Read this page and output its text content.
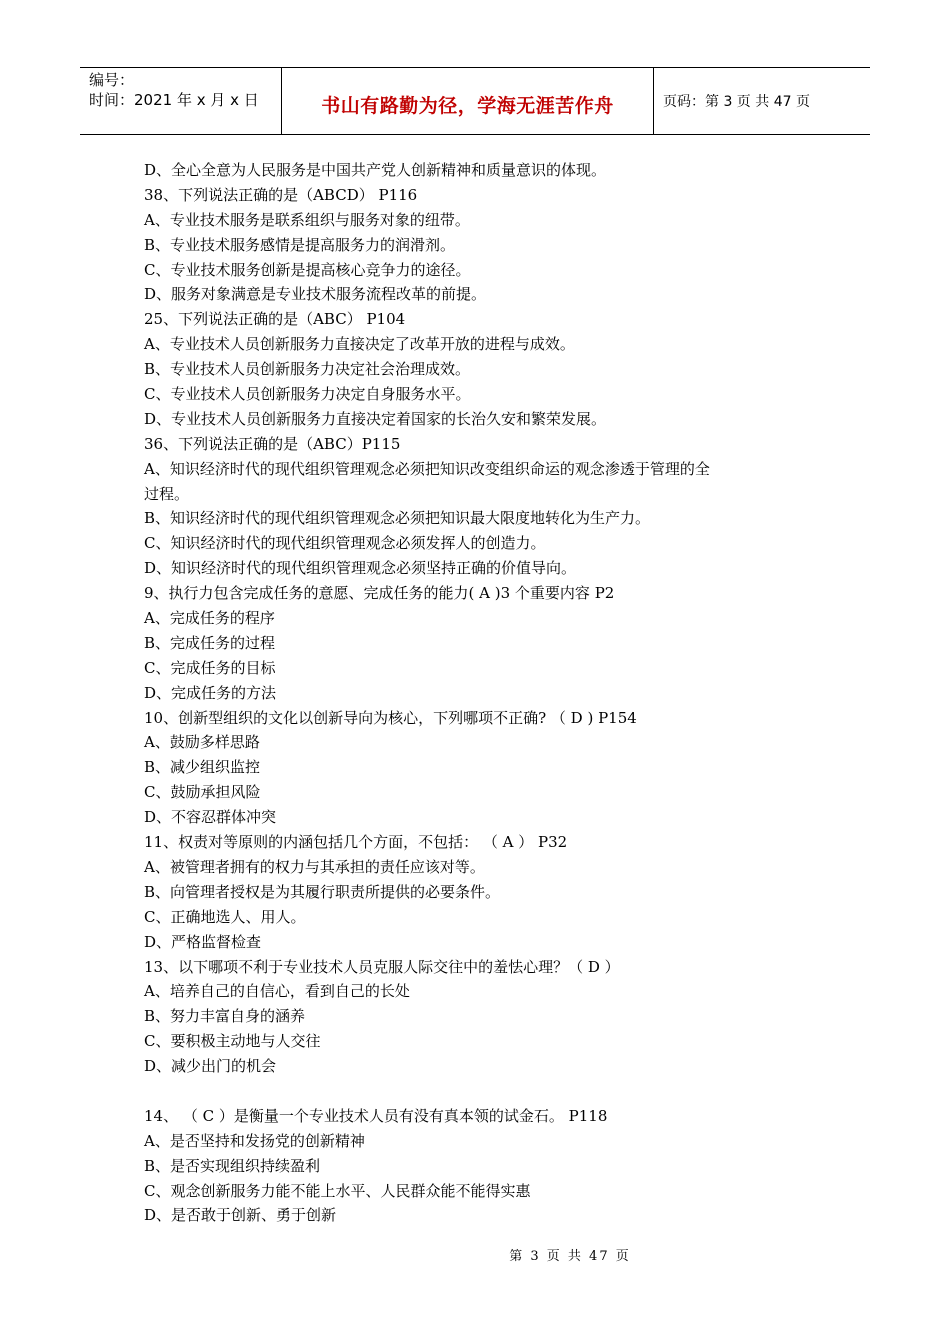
编号：
时间：2021 年 x 月 x 日	书山有路勤为径，学海无涯苦作舟	页码：第 3 页 共 47 页
D、全心全意为人民服务是中国共产党人创新精神和质量意识的体现。
38、下列说法正确的是（ABCD） P116
A、专业技术服务是联系组织与服务对象的纽带。
B、专业技术服务感情是提高服务力的润滑剂。
C、专业技术服务创新是提高核心竞争力的途径。
D、服务对象满意是专业技术服务流程改革的前提。
25、下列说法正确的是（ABC） P104
A、专业技术人员创新服务力直接决定了改革开放的进程与成效。
B、专业技术人员创新服务力决定社会治理成效。
C、专业技术人员创新服务力决定自身服务水平。
D、专业技术人员创新服务力直接决定着国家的长治久安和繁荣发展。
36、下列说法正确的是（ABC）P115
A、知识经济时代的现代组织管理观念必须把知识改变组织命运的观念渗透于管理的全
过程。
B、知识经济时代的现代组织管理观念必须把知识最大限度地转化为生产力。
C、知识经济时代的现代组织管理观念必须发挥人的创造力。
D、知识经济时代的现代组织管理观念必须坚持正确的价值导向。
9、执行力包含完成任务的意愿、完成任务的能力( A )3 个重要内容 P2
A、完成任务的程序
B、完成任务的过程
C、完成任务的目标
D、完成任务的方法
10、创新型组织的文化以创新导向为核心，下列哪项不正确? （ D ) P154
A、鼓励多样思路
B、减少组织监控
C、鼓励承担风险
D、不容忍群体冲突
11、权责对等原则的内涵包括几个方面，不包括： （ A ） P32
A、被管理者拥有的权力与其承担的责任应该对等。
B、向管理者授权是为其履行职责所提供的必要条件。
C、正确地选人、用人。
D、严格监督检查
13、以下哪项不利于专业技术人员克服人际交往中的羞怯心理？（ D ）
A、培养自己的自信心，看到自己的长处
B、努力丰富自身的涵养
C、要积极主动地与人交往
D、减少出门的机会
14、 （ C ）是衡量一个专业技术人员有没有真本领的试金石。 P118
A、是否坚持和发扬党的创新精神
B、是否实现组织持续盈利
C、观念创新服务力能不能上水平、人民群众能不能得实惠
D、是否敢于创新、勇于创新
第 3 页 共 47 页
